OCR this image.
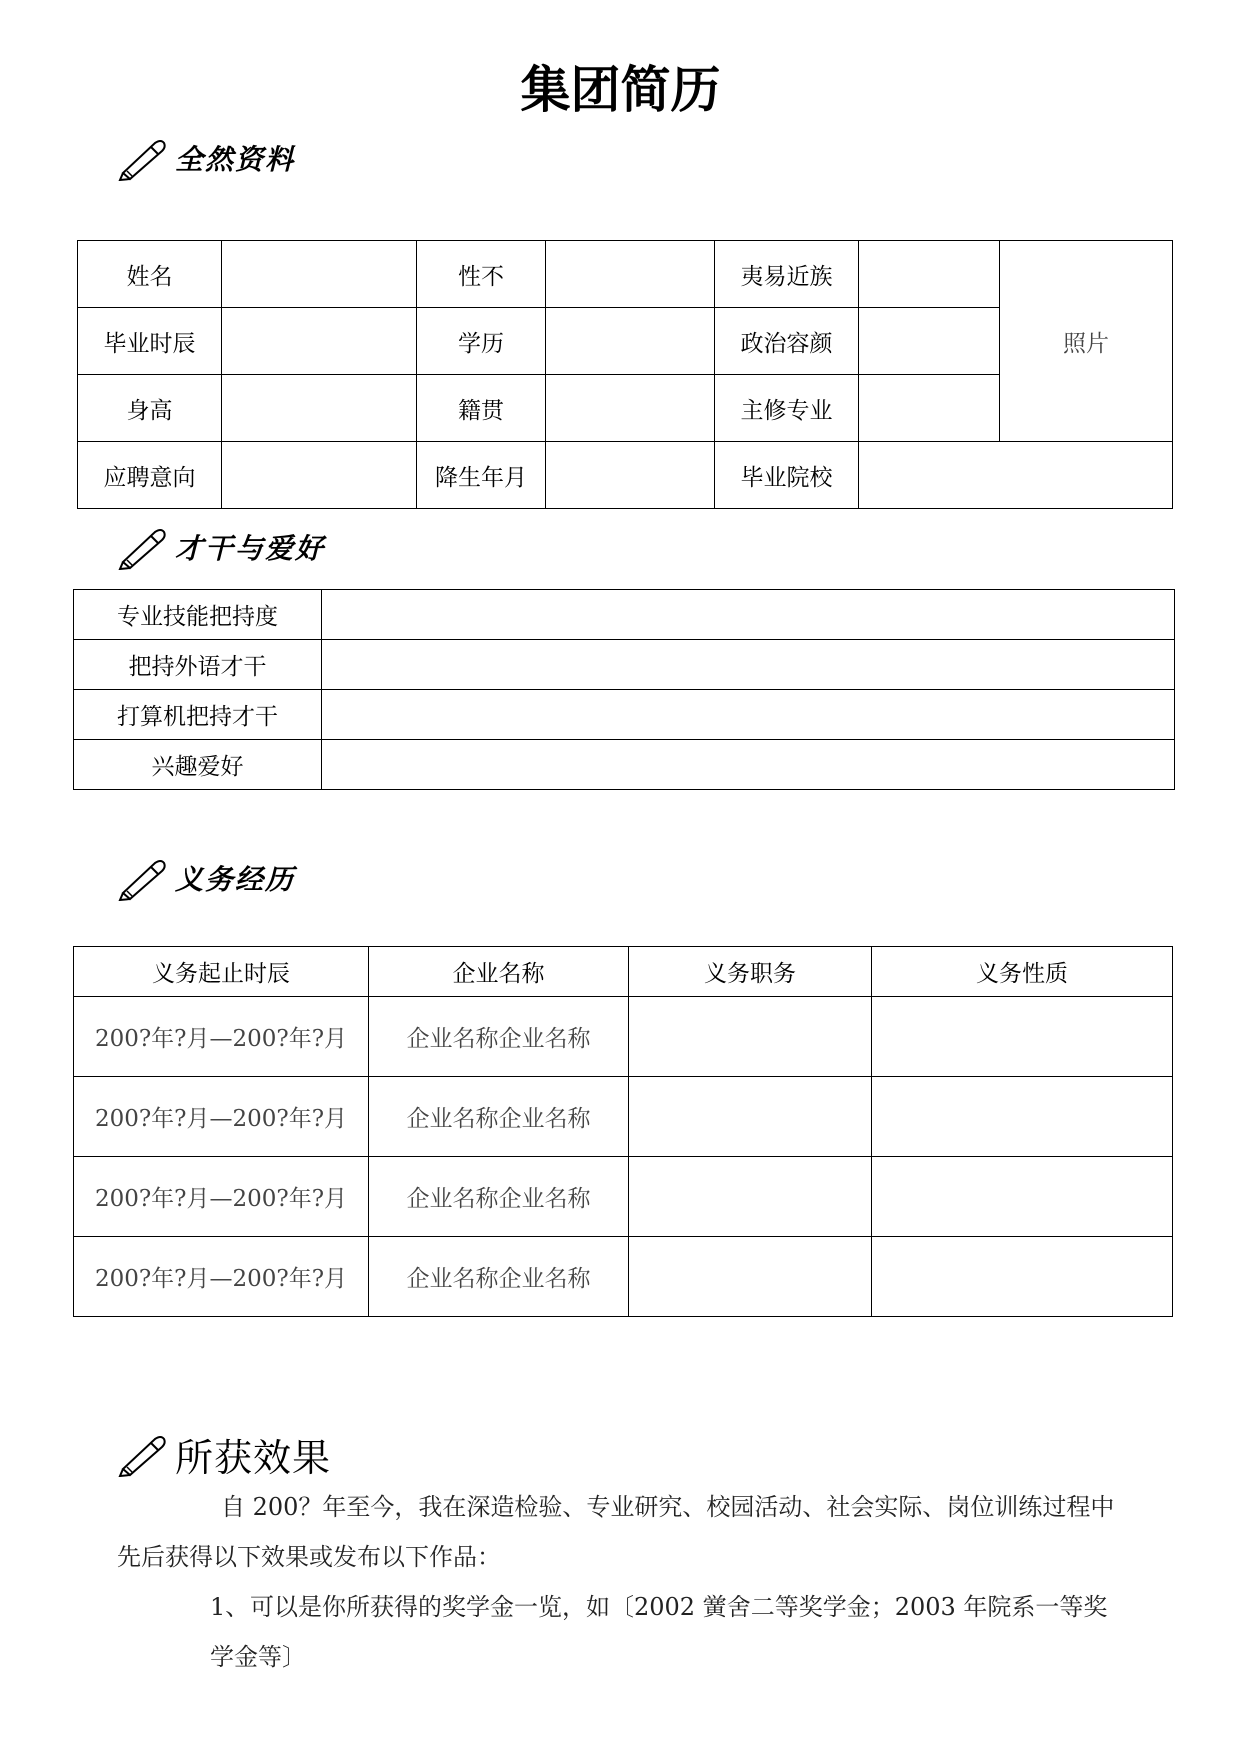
集团简历
全然资料
姓名		性不		夷易近族		照片
毕业时辰		学历		政治容颜		
身高		籍贯		主修专业		
应聘意向		降生年月		毕业院校		
才干与爱好
专业技能把持度	
把持外语才干	
打算机把持才干	
兴趣爱好	
义务经历
义务起止时辰	企业名称	义务职务	义务性质
200?年?月—200?年?月	企业名称企业名称		
200?年?月—200?年?月	企业名称企业名称		
200?年?月—200?年?月	企业名称企业名称		
200?年?月—200?年?月	企业名称企业名称		
所获效果
自 200？年至今，我在深造检验、专业研究、校园活动、社会实际、岗位训练过程中先后获得以下效果或发布以下作品：
1、可以是你所获得的奖学金一览，如〔2002 黉舍二等奖学金；2003 年院系一等奖学金等〕
